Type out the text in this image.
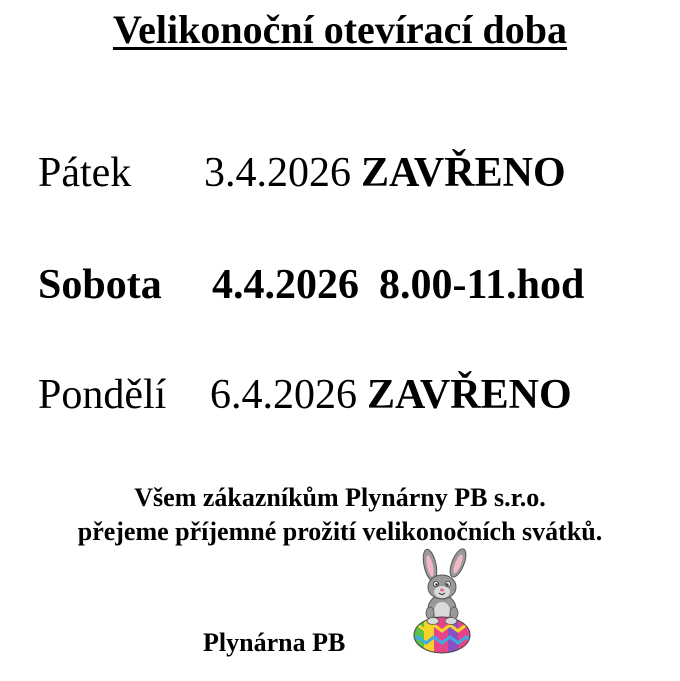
Velikonoční otevírací doba
Pátek 3.4.2026 ZAVŘENO
Sobota 4.4.2026 8.00-11.hod
Pondělí 6.4.2026 ZAVŘENO
Všem zákazníkům Plynárny PB s.r.o.
přejeme příjemné prožití velikonočních svátků.
Plynárna PB
